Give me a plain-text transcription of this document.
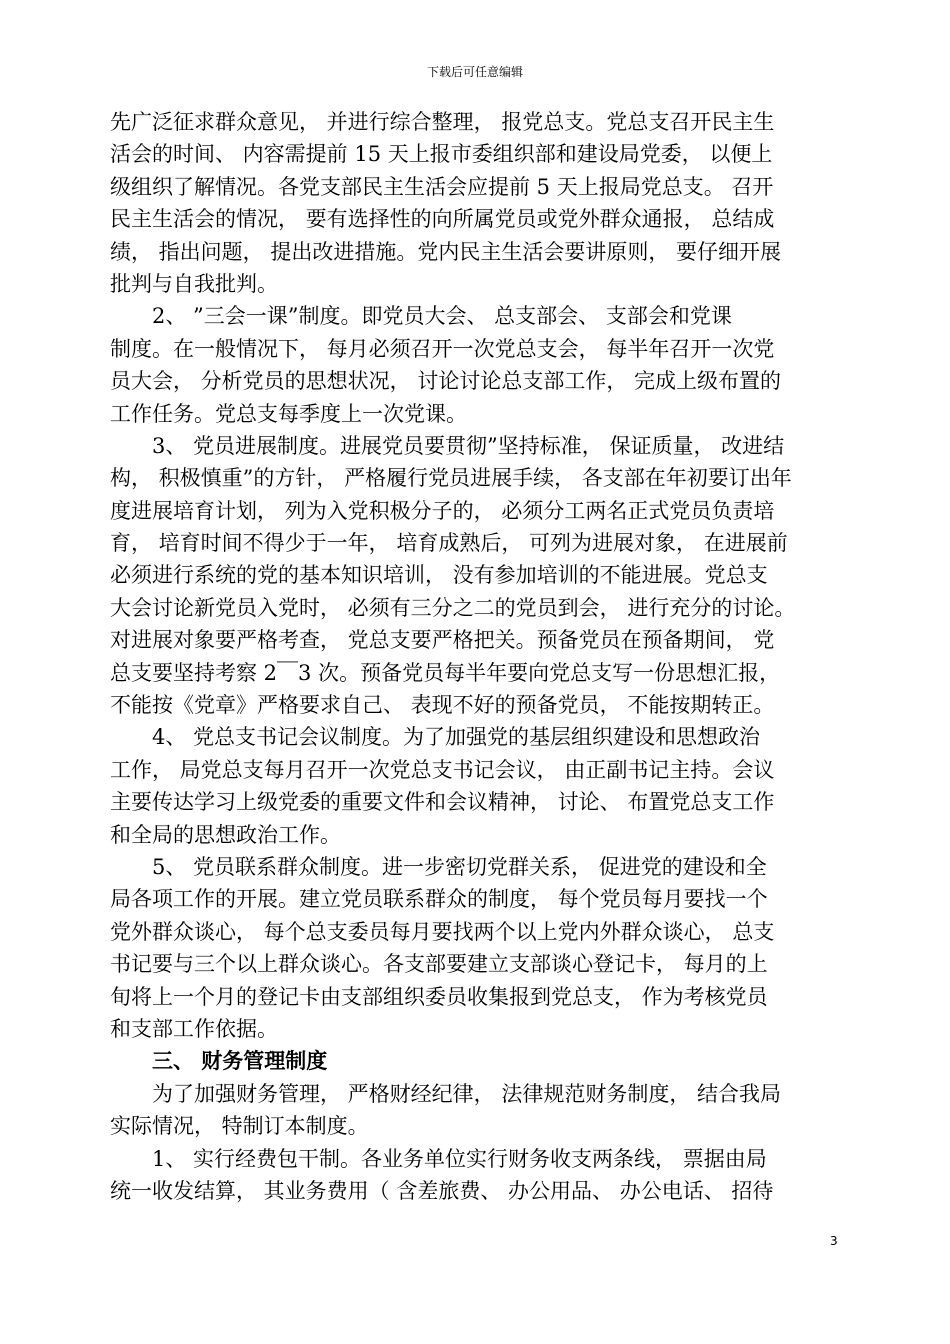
下载后可任意编辑
先广泛征求群众意见， 并进行综合整理， 报党总支。党总支召开民主生
活会的时间、 内容需提前 15 天上报市委组织部和建设局党委， 以便上
级组织了解情况。各党支部民主生活会应提前 5 天上报局党总支。 召开
民主生活会的情况， 要有选择性的向所属党员或党外群众通报， 总结成
绩， 指出问题， 提出改进措施。党内民主生活会要讲原则， 要仔细开展
批判与自我批判。
2、 ”三会一课”制度。即党员大会、 总支部会、 支部会和党课
制度。在一般情况下， 每月必须召开一次党总支会， 每半年召开一次党
员大会， 分析党员的思想状况， 讨论讨论总支部工作， 完成上级布置的
工作任务。党总支每季度上一次党课。
3、 党员进展制度。进展党员要贯彻”坚持标准， 保证质量， 改进结
构， 积极慎重”的方针， 严格履行党员进展手续， 各支部在年初要订出年
度进展培育计划， 列为入党积极分子的， 必须分工两名正式党员负责培
育， 培育时间不得少于一年， 培育成熟后， 可列为进展对象， 在进展前
必须进行系统的党的基本知识培训， 没有参加培训的不能进展。党总支
大会讨论新党员入党时， 必须有三分之二的党员到会， 进行充分的讨论。
对进展对象要严格考查， 党总支要严格把关。预备党员在预备期间， 党
总支要坚持考察 2￣3 次。预备党员每半年要向党总支写一份思想汇报，
不能按《党章》严格要求自己、 表现不好的预备党员， 不能按期转正。
4、 党总支书记会议制度。为了加强党的基层组织建设和思想政治
工作， 局党总支每月召开一次党总支书记会议， 由正副书记主持。会议
主要传达学习上级党委的重要文件和会议精神， 讨论、 布置党总支工作
和全局的思想政治工作。
5、 党员联系群众制度。进一步密切党群关系， 促进党的建设和全
局各项工作的开展。建立党员联系群众的制度， 每个党员每月要找一个
党外群众谈心， 每个总支委员每月要找两个以上党内外群众谈心， 总支
书记要与三个以上群众谈心。各支部要建立支部谈心登记卡， 每月的上
旬将上一个月的登记卡由支部组织委员收集报到党总支， 作为考核党员
和支部工作依据。
三、 财务管理制度
为了加强财务管理， 严格财经纪律， 法律规范财务制度， 结合我局
实际情况， 特制订本制度。
1、 实行经费包干制。各业务单位实行财务收支两条线， 票据由局
统一收发结算， 其业务费用（ 含差旅费、 办公用品、 办公电话、 招待
3
